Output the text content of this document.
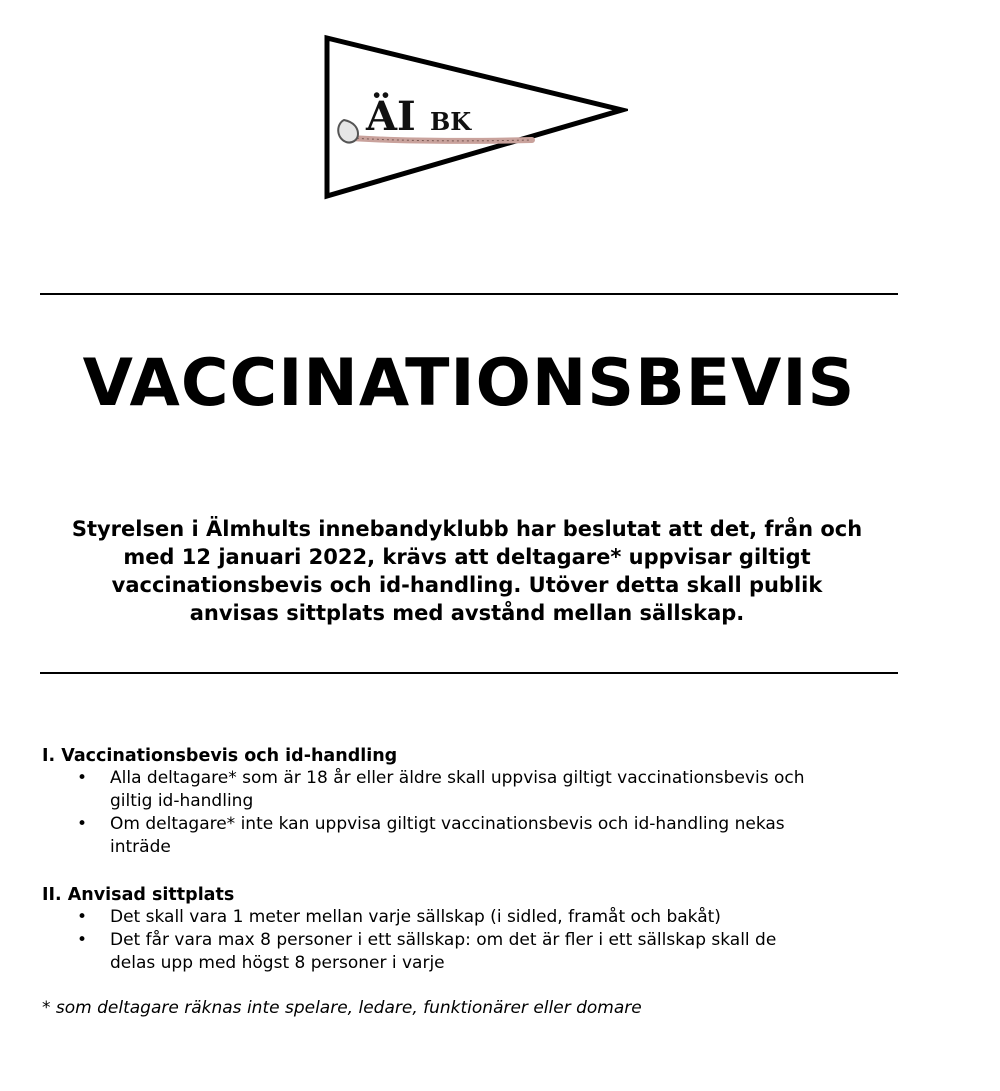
ÄI BK
VACCINATIONSBEVIS
Styrelsen i Älmhults innebandyklubb har beslutat att det, från och
med 12 januari 2022, krävs att deltagare* uppvisar giltigt
vaccinationsbevis och id-handling. Utöver detta skall publik
anvisas sittplats med avstånd mellan sällskap.

I. Vaccinationsbevis och id-handling

• Alla deltagare* som är 18 år eller äldre skall uppvisa giltigt vaccinationsbevis och
giltig id-handling
• Om deltagare* inte kan uppvisa giltigt vaccinationsbevis och id-handling nekas
inträde

II. Anvisad sittplats

• Det skall vara 1 meter mellan varje sällskap (i sidled, framåt och bakåt)
• Det får vara max 8 personer i ett sällskap: om det är fler i ett sällskap skall de
delas upp med högst 8 personer i varje
* som deltagare räknas inte spelare, ledare, funktionärer eller domare
